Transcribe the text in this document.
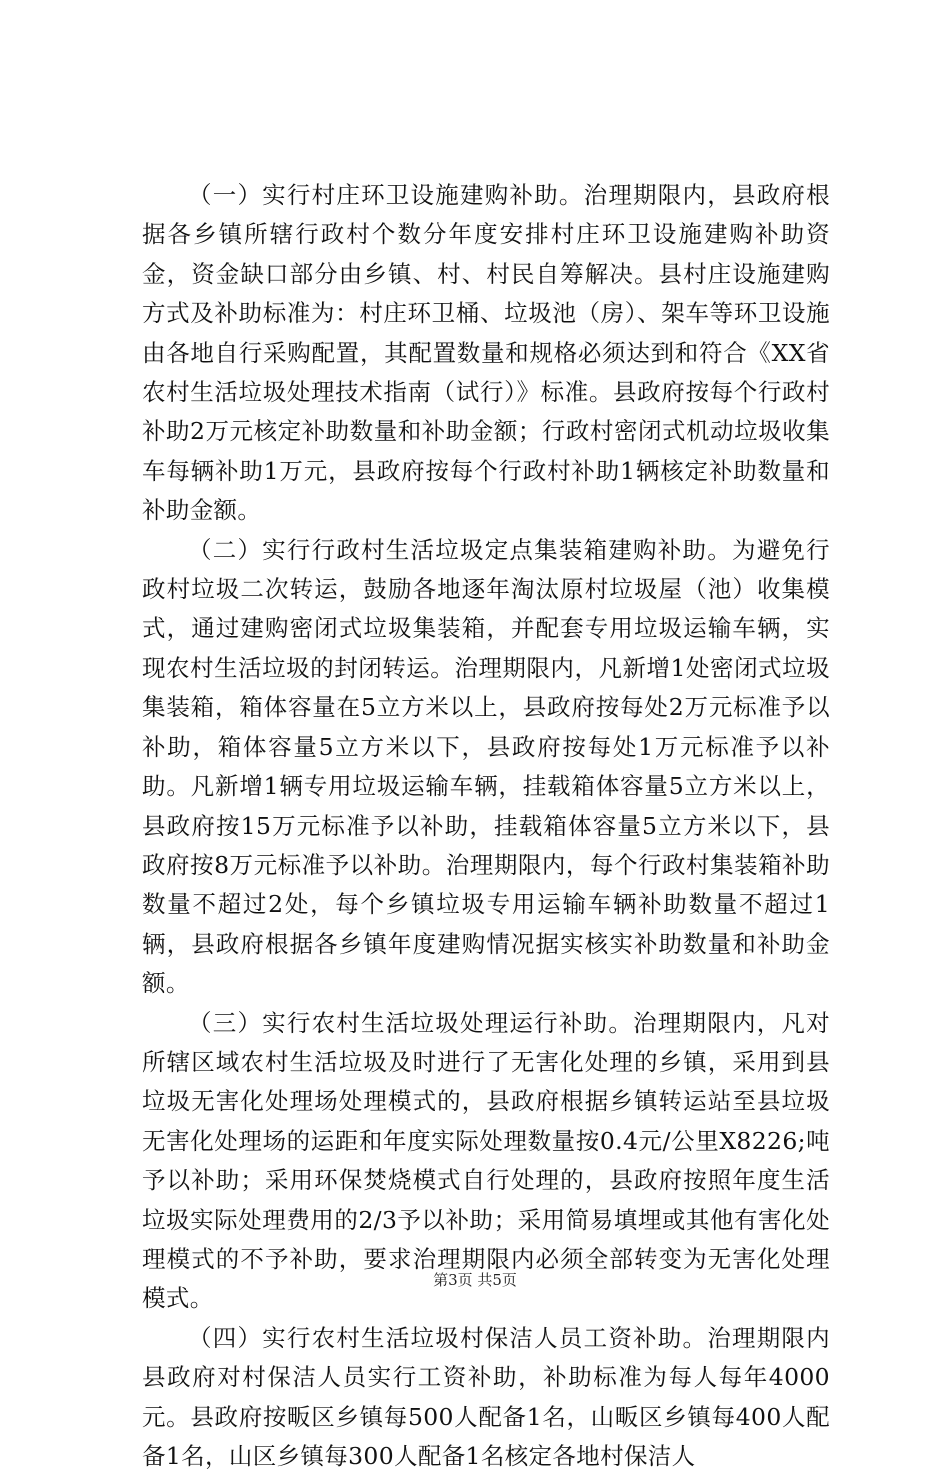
（一）实行村庄环卫设施建购补助。治理期限内，县政府根据各乡镇所辖行政村个数分年度安排村庄环卫设施建购补助资金，资金缺口部分由乡镇、村、村民自筹解决。县村庄设施建购方式及补助标准为：村庄环卫桶、垃圾池（房）、架车等环卫设施由各地自行采购配置，其配置数量和规格必须达到和符合《XX省农村生活垃圾处理技术指南（试行）》标准。县政府按每个行政村补助2万元核定补助数量和补助金额；行政村密闭式机动垃圾收集车每辆补助1万元，县政府按每个行政村补助1辆核定补助数量和补助金额。

（二）实行行政村生活垃圾定点集装箱建购补助。为避免行政村垃圾二次转运，鼓励各地逐年淘汰原村垃圾屋（池）收集模式，通过建购密闭式垃圾集装箱，并配套专用垃圾运输车辆，实现农村生活垃圾的封闭转运。治理期限内，凡新增1处密闭式垃圾集装箱，箱体容量在5立方米以上，县政府按每处2万元标准予以补助，箱体容量5立方米以下，县政府按每处1万元标准予以补助。凡新增1辆专用垃圾运输车辆，挂载箱体容量5立方米以上，县政府按15万元标准予以补助，挂载箱体容量5立方米以下，县政府按8万元标准予以补助。治理期限内，每个行政村集装箱补助数量不超过2处，每个乡镇垃圾专用运输车辆补助数量不超过1辆，县政府根据各乡镇年度建购情况据实核实补助数量和补助金额。

（三）实行农村生活垃圾处理运行补助。治理期限内，凡对所辖区域农村生活垃圾及时进行了无害化处理的乡镇，采用到县垃圾无害化处理场处理模式的，县政府根据乡镇转运站至县垃圾无害化处理场的运距和年度实际处理数量按0.4元/公里X8226;吨予以补助；采用环保焚烧模式自行处理的，县政府按照年度生活垃圾实际处理费用的2/3予以补助；采用简易填埋或其他有害化处理模式的不予补助，要求治理期限内必须全部转变为无害化处理模式。

（四）实行农村生活垃圾村保洁人员工资补助。治理期限内县政府对村保洁人员实行工资补助，补助标准为每人每年4000元。县政府按畈区乡镇每500人配备1名，山畈区乡镇每400人配备1名，山区乡镇每300人配备1名核定各地村保洁人

第3页 共5页
